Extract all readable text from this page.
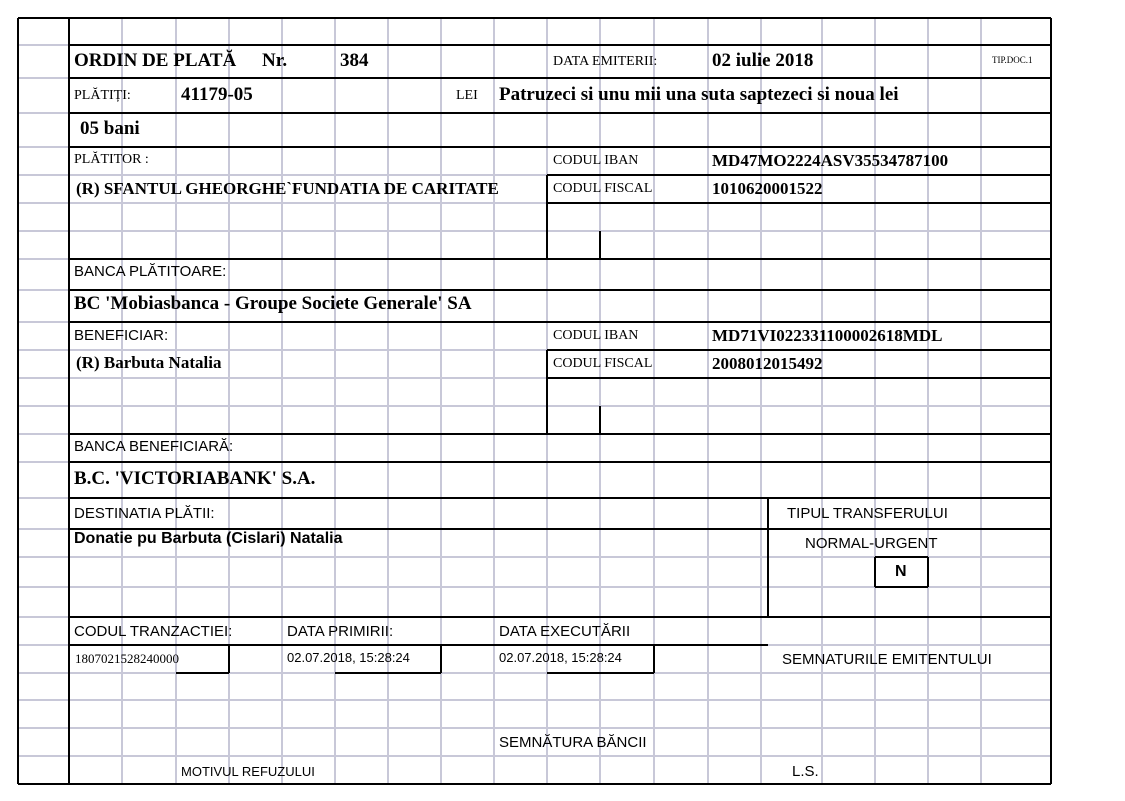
ORDIN DE PLATĂ Nr.	384	DATA EMITERII:	02 iulie 2018	TIP.DOC.1
PLĂTIȚI:	41179-05	LEI Patruzeci si unu mii una suta saptezeci si noua lei
05 bani
PLĂTITOR :	CODUL IBAN	MD47MO2224ASV35534787100
(R) SFANTUL GHEORGHE`FUNDATIA DE CARITATE	CODUL FISCAL	1010620001522
BANCA PLĂTITOARE:
BC 'Mobiasbanca - Groupe Societe Generale' SA
BENEFICIAR:	CODUL IBAN	MD71VI022331100002618MDL
(R) Barbuta Natalia	CODUL FISCAL	2008012015492
BANCA BENEFICIARĂ:
B.C. 'VICTORIABANK' S.A.
DESTINATIA PLĂTII:	TIPUL TRANSFERULUI
Donatie pu Barbuta (Cislari) Natalia	NORMAL-URGENT
N
CODUL TRANZACTIEI:	DATA PRIMIRII:	DATA EXECUTĂRII
1807021528240000	02.07.2018, 15:28:24	02.07.2018, 15:28:24	SEMNATURILE EMITENTULUI
SEMNĂTURA BĂNCII
MOTIVUL REFUZULUI	L.S.
